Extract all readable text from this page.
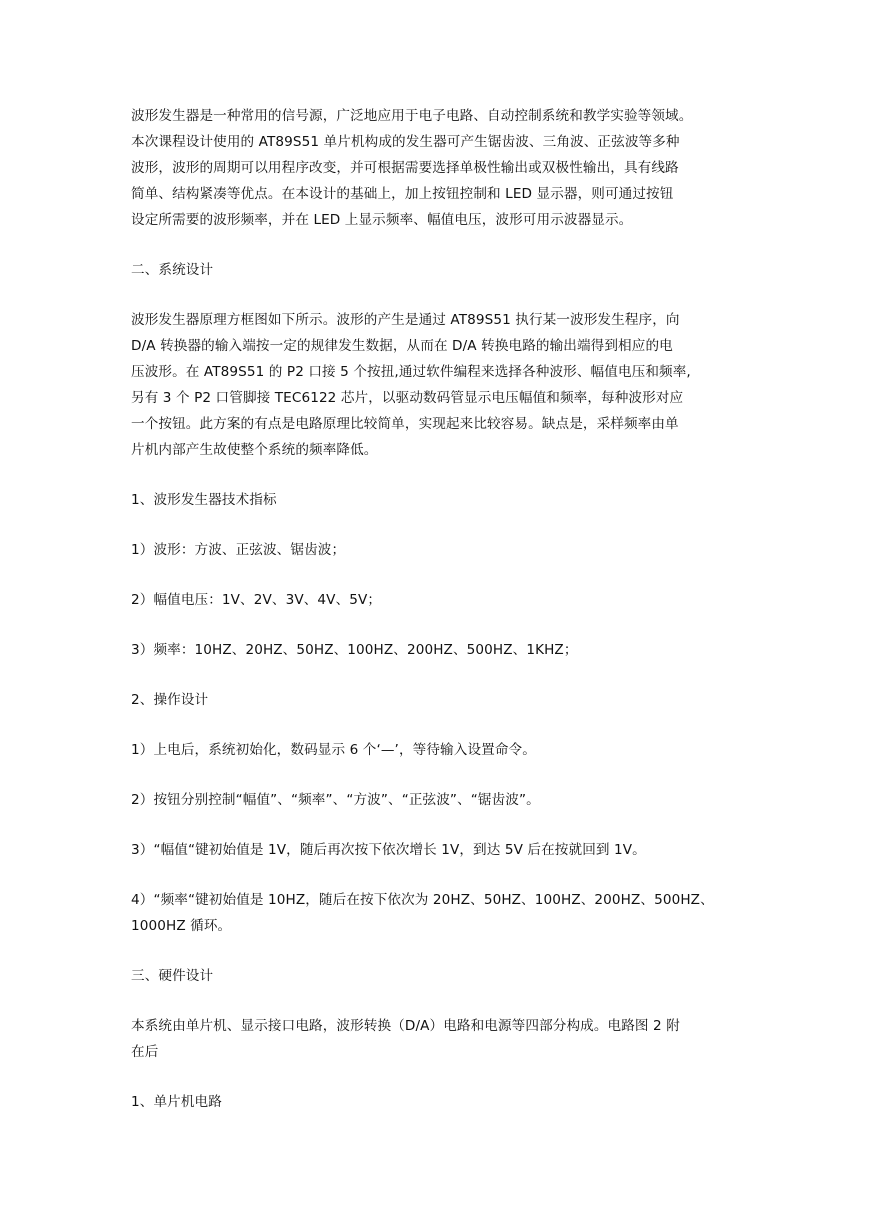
波形发生器是一种常用的信号源，广泛地应用于电子电路、自动控制系统和教学实验等领域。
本次课程设计使用的 AT89S51 单片机构成的发生器可产生锯齿波、三角波、正弦波等多种
波形，波形的周期可以用程序改变，并可根据需要选择单极性输出或双极性输出，具有线路
简单、结构紧凑等优点。在本设计的基础上，加上按钮控制和 LED 显示器，则可通过按钮
设定所需要的波形频率，并在 LED 上显示频率、幅值电压，波形可用示波器显示。

二、系统设计

波形发生器原理方框图如下所示。波形的产生是通过 AT89S51 执行某一波形发生程序，向
D/A 转换器的输入端按一定的规律发生数据，从而在 D/A 转换电路的输出端得到相应的电
压波形。在 AT89S51 的 P2 口接 5 个按扭,通过软件编程来选择各种波形、幅值电压和频率,
另有 3 个 P2 口管脚接 TEC6122 芯片，以驱动数码管显示电压幅值和频率，每种波形对应
一个按钮。此方案的有点是电路原理比较简单，实现起来比较容易。缺点是，采样频率由单
片机内部产生故使整个系统的频率降低。

1、波形发生器技术指标

1）波形：方波、正弦波、锯齿波；

2）幅值电压：1V、2V、3V、4V、5V；

3）频率：10HZ、20HZ、50HZ、100HZ、200HZ、500HZ、1KHZ；

2、操作设计

1）上电后，系统初始化，数码显示 6 个‘—’，等待输入设置命令。

2）按钮分别控制“幅值”、“频率”、“方波”、“正弦波”、“锯齿波”。

3）“幅值“键初始值是 1V，随后再次按下依次增长 1V，到达 5V 后在按就回到 1V。

4）“频率“键初始值是 10HZ，随后在按下依次为 20HZ、50HZ、100HZ、200HZ、500HZ、
1000HZ 循环。

三、硬件设计

本系统由单片机、显示接口电路，波形转换（D/A）电路和电源等四部分构成。电路图 2 附
在后

1、单片机电路
